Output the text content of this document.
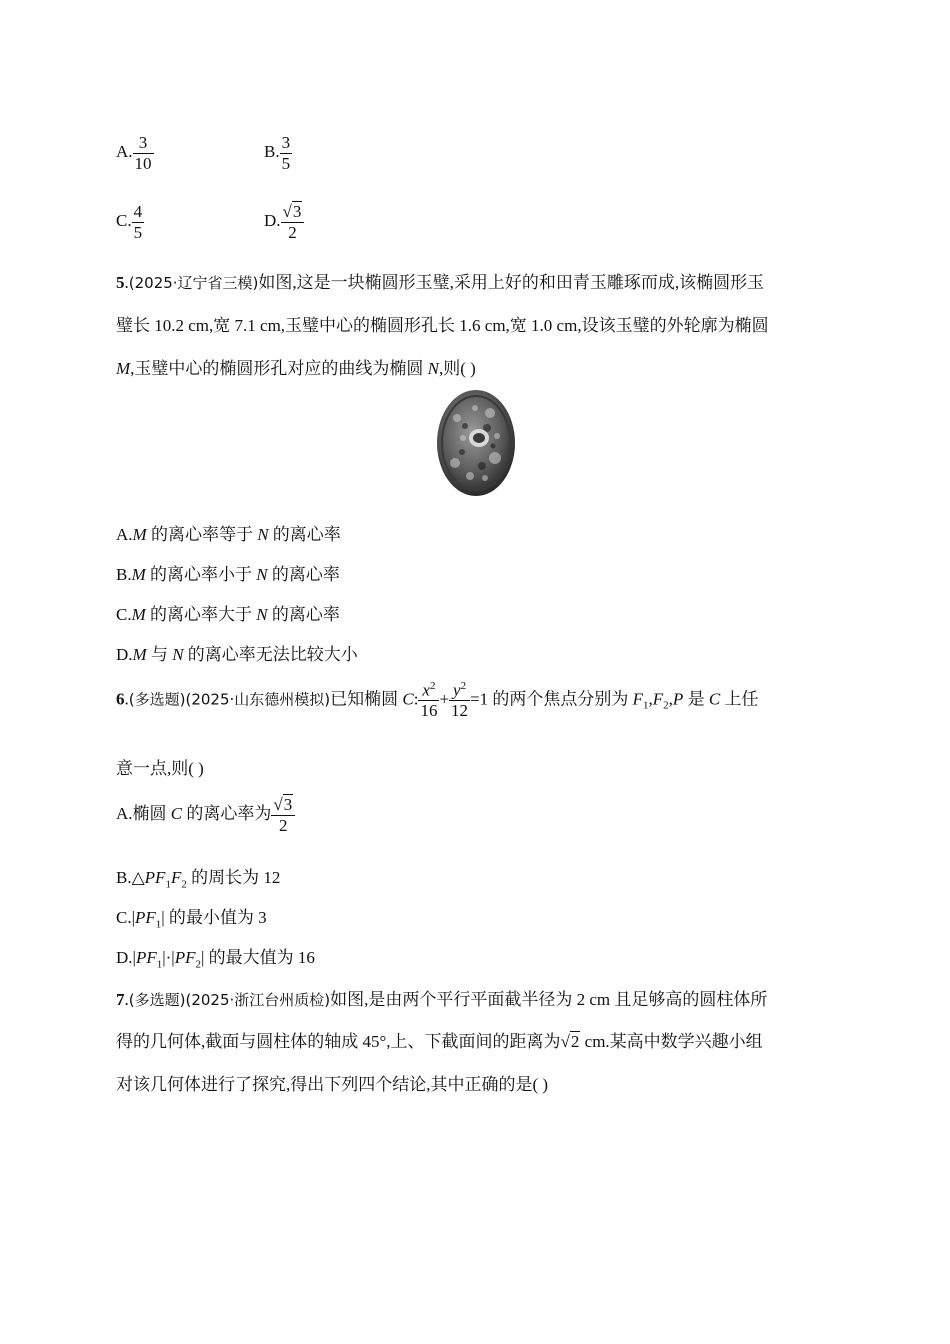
A. $\frac{3}{10}$	B. $\frac{3}{5}$
C. $\frac{4}{5}$	D. $\frac{√3}{2}$
5.(2025·辽宁省三模)如图,这是一块椭圆形玉璧,采用上好的和田青玉雕琢而成,该椭圆形玉
璧长 10.2 cm,宽 7.1 cm,玉璧中心的椭圆形孔长 1.6 cm,宽 1.0 cm,设该玉璧的外轮廓为椭圆
M,玉璧中心的椭圆形孔对应的曲线为椭圆 N,则( )
A.M 的离心率等于 N 的离心率
B.M 的离心率小于 N 的离心率
C.M 的离心率大于 N 的离心率
D.M 与 N 的离心率无法比较大小
6.(多选题)(2025·山东德州模拟)已知椭圆 C: $\frac{x^2}{16} + \frac{y^2}{12} =1$ 的两个焦点分别为 $F_1,F_2,P$ 是 C 上任
意一点,则( )
A.椭圆 C 的离心率为 $\frac{√3}{2}$
$B.\triangle PF_1F_2$ 的周长为 12
$C.|PF_1|$ 的最小值为 3
$D.|PF_1|\cdot|PF_2|$ 的最大值为 16
7.(多选题)(2025·浙江台州质检)如图,是由两个平行平面截半径为 2 cm 且足够高的圆柱体所
得的几何体,截面与圆柱体的轴成 45°,上、下截面间的距离为√2 cm.某高中数学兴趣小组
对该几何体进行了探究,得出下列四个结论,其中正确的是( )
